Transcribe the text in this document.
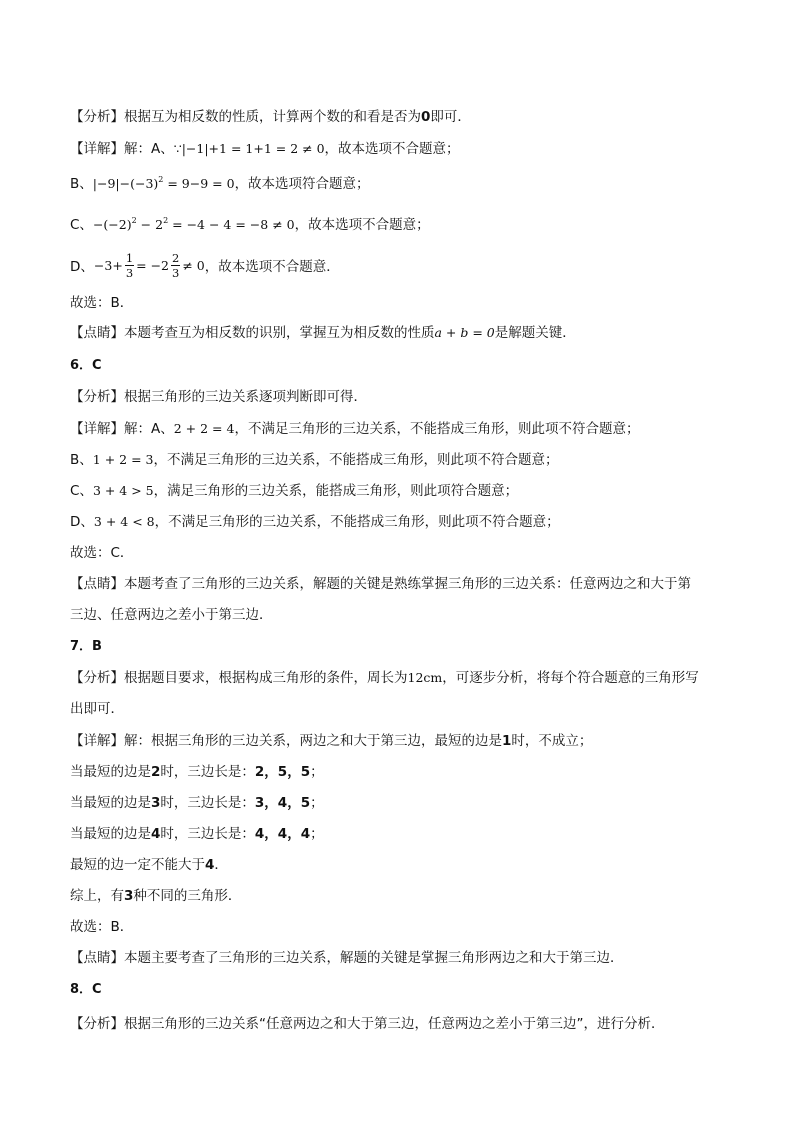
【分析】根据互为相反数的性质，计算两个数的和看是否为0即可．
【详解】解：A、∵|−1|+1 = 1+1 = 2 ≠ 0，故本选项不合题意；
B、$|-9|-(-3)^2 = 9-9 = 0$，故本选项符合题意；
C、$-(-2)^2 - 2^2 = -4 - 4 = -8 \ne 0$，故本选项不合题意；
D、 $-3+ \frac{1}{3} = -2 \frac{2}{3} \ne 0$ ，故本选项不合题意．
故选：B．
【点睛】本题考查互为相反数的识别，掌握互为相反数的性质a + b = 0是解题关键．
6．C
【分析】根据三角形的三边关系逐项判断即可得．
【详解】解：A、2 + 2 = 4，不满足三角形的三边关系，不能搭成三角形，则此项不符合题意；
B、1 + 2 = 3，不满足三角形的三边关系，不能搭成三角形，则此项不符合题意；
C、3 + 4 > 5，满足三角形的三边关系，能搭成三角形，则此项符合题意；
D、3 + 4 < 8，不满足三角形的三边关系，不能搭成三角形，则此项不符合题意；
故选：C．
【点睛】本题考查了三角形的三边关系，解题的关键是熟练掌握三角形的三边关系：任意两边之和大于第
三边、任意两边之差小于第三边．
7．B
【分析】根据题目要求，根据构成三角形的条件，周长为12cm，可逐步分析，将每个符合题意的三角形写
出即可．
【详解】解：根据三角形的三边关系，两边之和大于第三边，最短的边是1时，不成立；
当最短的边是2时，三边长是：2，5，5；
当最短的边是3时，三边长是：3，4，5；
当最短的边是4时，三边长是：4，4，4；
最短的边一定不能大于4．
综上，有3种不同的三角形．
故选：B．
【点睛】本题主要考查了三角形的三边关系，解题的关键是掌握三角形两边之和大于第三边．
8．C
【分析】根据三角形的三边关系“任意两边之和大于第三边，任意两边之差小于第三边”，进行分析．
